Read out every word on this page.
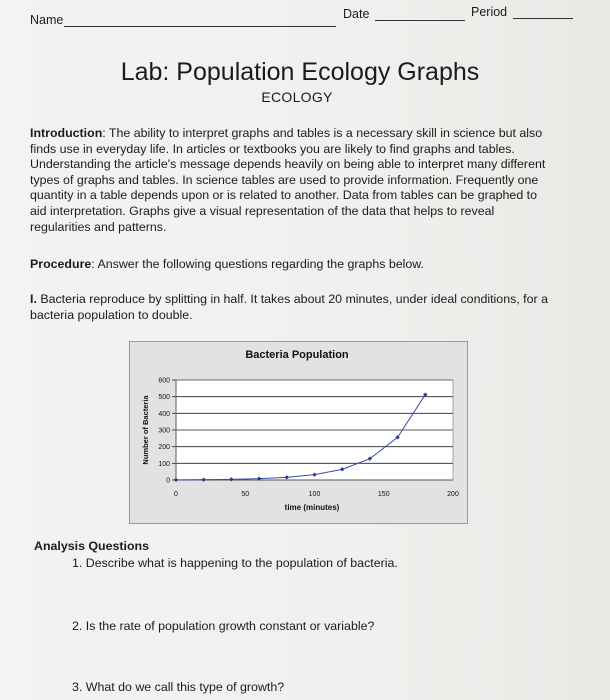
Name	Date	Period
Lab: Population Ecology Graphs
ECOLOGY
Introduction: The ability to interpret graphs and tables is a necessary skill in science but also
finds use in everyday life. In articles or textbooks you are likely to find graphs and tables.
Understanding the article's message depends heavily on being able to interpret many different
types of graphs and tables. In science tables are used to provide information. Frequently one
quantity in a table depends upon or is related to another. Data from tables can be graphed to
aid interpretation. Graphs give a visual representation of the data that helps to reveal
regularities and patterns.
Procedure: Answer the following questions regarding the graphs below.
I. Bacteria reproduce by splitting in half. It takes about 20 minutes, under ideal conditions, for a
bacteria population to double.
Bacteria Population
Number of Bacteria
time (minutes)
0
100
200
300
400
500
600
0	50	100	150	200
Analysis Questions
1. Describe what is happening to the population of bacteria.
2. Is the rate of population growth constant or variable?
3. What do we call this type of growth?
